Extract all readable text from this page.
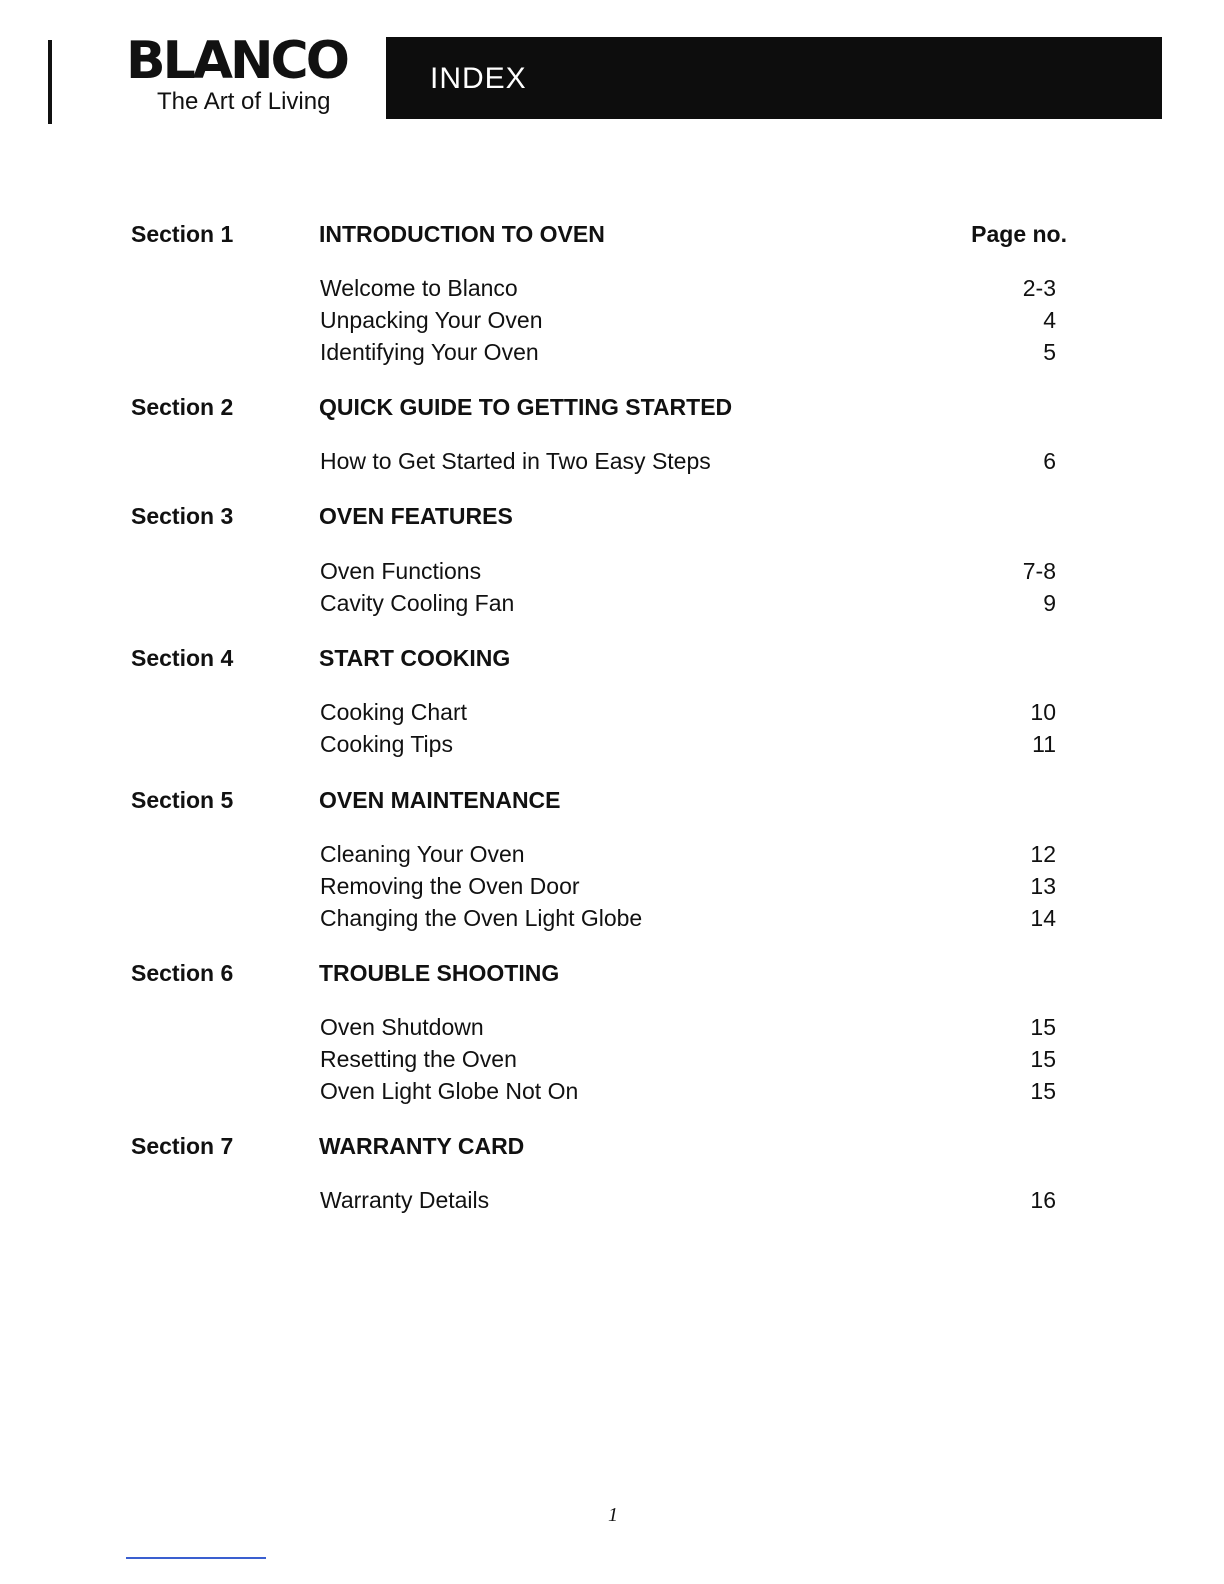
BLANCO
The Art of Living
INDEX
Section 1	INTRODUCTION TO OVEN	Page no.
Welcome to Blanco	2-3
Unpacking Your Oven	4
Identifying Your Oven	5
Section 2	QUICK GUIDE TO GETTING STARTED
How to Get Started in Two Easy Steps	6
Section 3	OVEN FEATURES
Oven Functions	7-8
Cavity Cooling Fan	9
Section 4	START COOKING
Cooking Chart	10
Cooking Tips	11
Section 5	OVEN MAINTENANCE
Cleaning Your Oven	12
Removing the Oven Door	13
Changing the Oven Light Globe	14
Section 6	TROUBLE SHOOTING
Oven Shutdown	15
Resetting the Oven	15
Oven Light Globe Not On	15
Section 7	WARRANTY CARD
Warranty Details	16
1
